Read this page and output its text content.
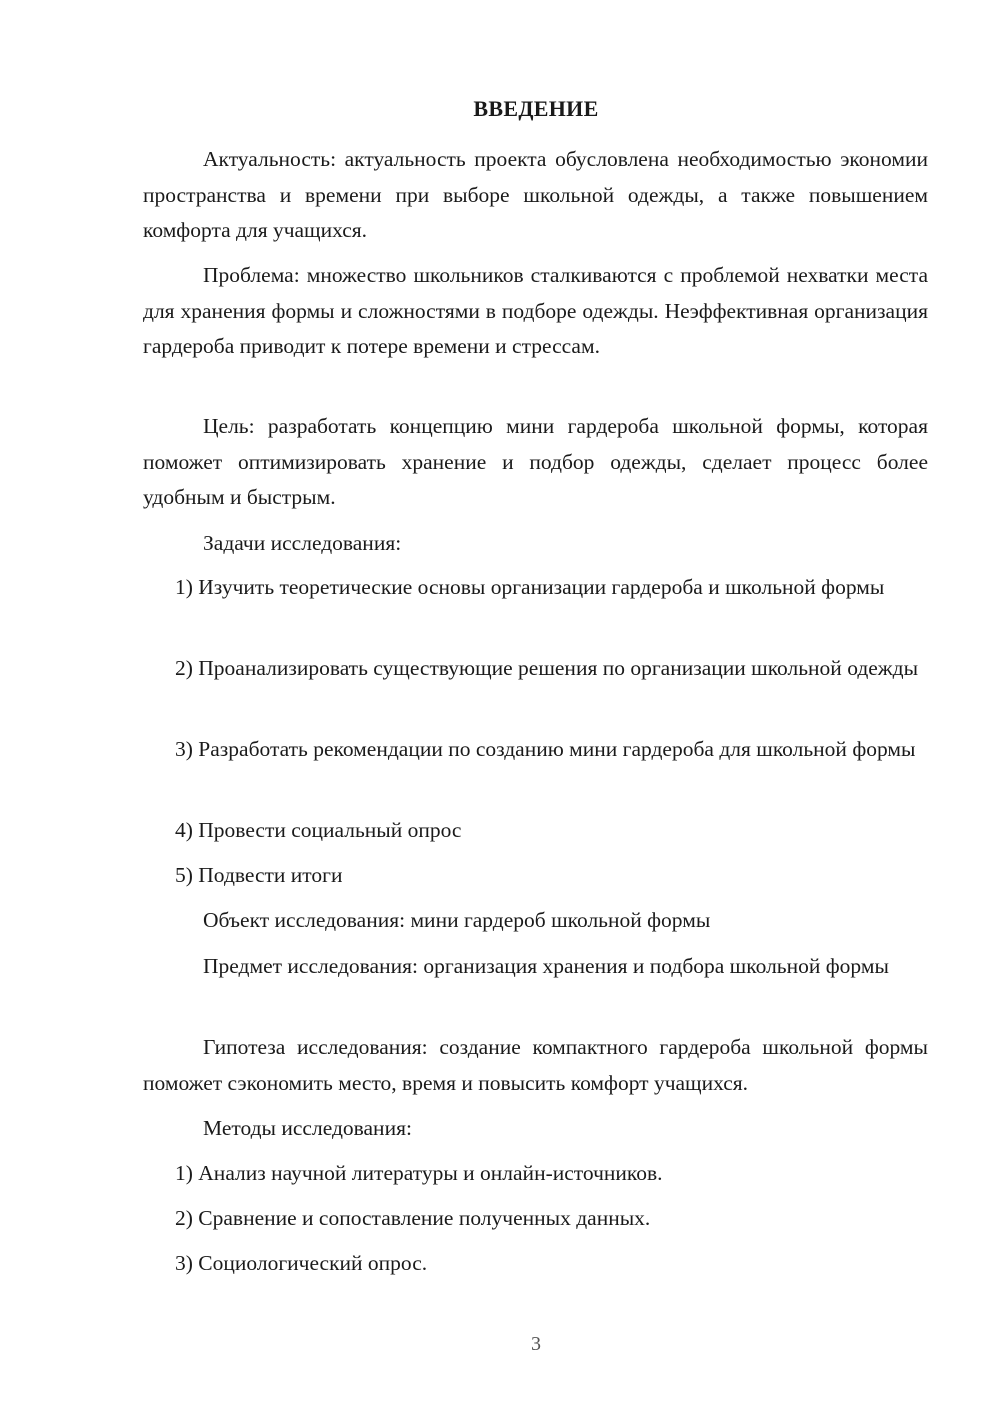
ВВЕДЕНИЕ
Актуальность: актуальность проекта обусловлена необходимостью экономии пространства и времени при выборе школьной одежды, а также повышением комфорта для учащихся.
Проблема: множество школьников сталкиваются с проблемой нехватки места для хранения формы и сложностями в подборе одежды. Неэффективная организация гардероба приводит к потере времени и стрессам.
Цель: разработать концепцию мини гардероба школьной формы, которая поможет оптимизировать хранение и подбор одежды, сделает процесс более удобным и быстрым.
Задачи исследования:
1) Изучить теоретические основы организации гардероба и школьной формы
2) Проанализировать существующие решения по организации школьной одежды
3) Разработать рекомендации по созданию мини гардероба для школьной формы
4) Провести социальный опрос
5) Подвести итоги
Объект исследования: мини гардероб школьной формы
Предмет исследования: организация хранения и подбора школьной формы
Гипотеза исследования: создание компактного гардероба школьной формы поможет сэкономить место, время и повысить комфорт учащихся.
Методы исследования:
1) Анализ научной литературы и онлайн-источников.
2) Сравнение и сопоставление полученных данных.
3) Социологический опрос.
3
